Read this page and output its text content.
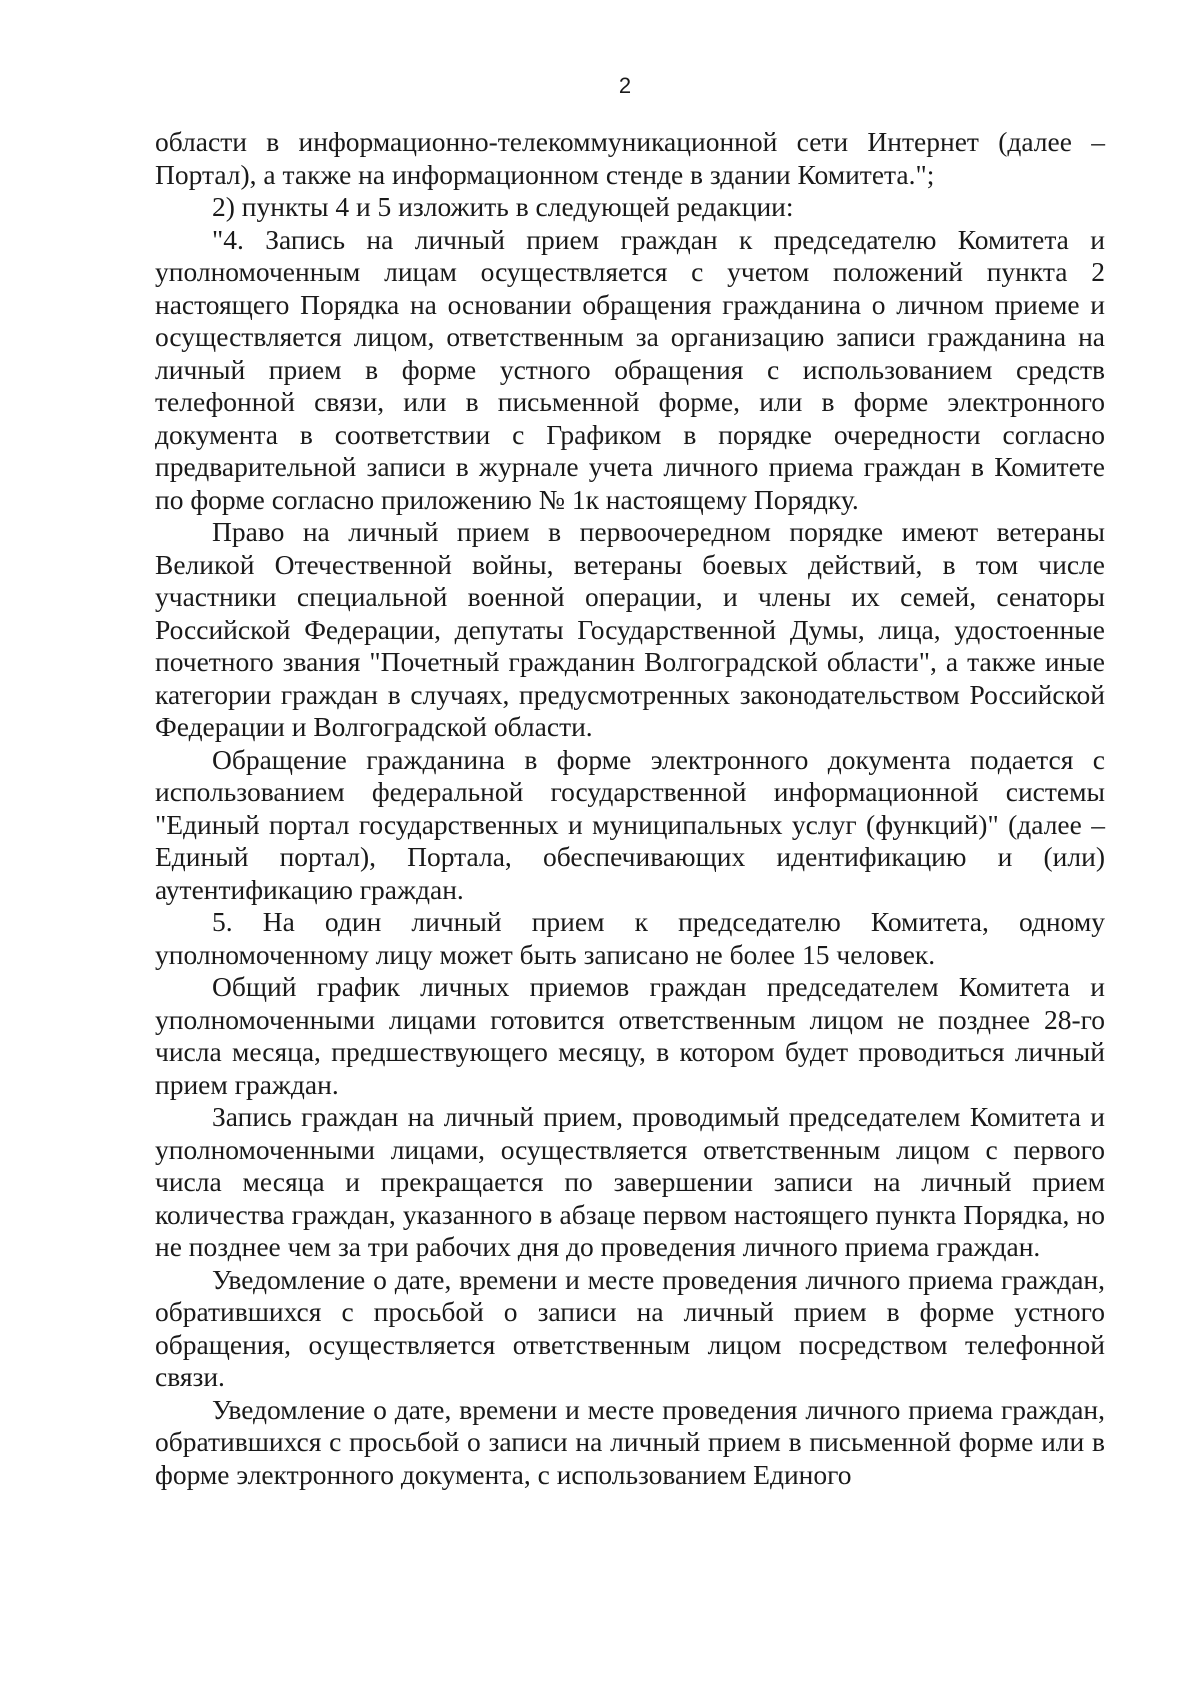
2

области в информационно-телекоммуникационной сети Интернет (далее – Портал), а также на информационном стенде в здании Комитета.";

2) пункты 4 и 5 изложить в следующей редакции:

"4. Запись на личный прием граждан к председателю Комитета и уполномоченным лицам осуществляется с учетом положений пункта 2 настоящего Порядка на основании обращения гражданина о личном приеме и осуществляется лицом, ответственным за организацию записи гражданина на личный прием в форме устного обращения с использованием средств телефонной связи, или в письменной форме, или в форме электронного документа в соответствии с Графиком в порядке очередности согласно предварительной записи в журнале учета личного приема граждан в Комитете по форме согласно приложению № 1к настоящему Порядку.

Право на личный прием в первоочередном порядке имеют ветераны Великой Отечественной войны, ветераны боевых действий, в том числе участники специальной военной операции, и члены их семей, сенаторы Российской Федерации, депутаты Государственной Думы, лица, удостоенные почетного звания "Почетный гражданин Волгоградской области", а также иные категории граждан в случаях, предусмотренных законодательством Российской Федерации и Волгоградской области.

Обращение гражданина в форме электронного документа подается с использованием федеральной государственной информационной системы "Единый портал государственных и муниципальных услуг (функций)" (далее – Единый портал), Портала, обеспечивающих идентификацию и (или) аутентификацию граждан.

5. На один личный прием к председателю Комитета, одному уполномоченному лицу может быть записано не более 15 человек.

Общий график личных приемов граждан председателем Комитета и уполномоченными лицами готовится ответственным лицом не позднее 28-го числа месяца, предшествующего месяцу, в котором будет проводиться личный прием граждан.

Запись граждан на личный прием, проводимый председателем Комитета и уполномоченными лицами, осуществляется ответственным лицом с первого числа месяца и прекращается по завершении записи на личный прием количества граждан, указанного в абзаце первом настоящего пункта Порядка, но не позднее чем за три рабочих дня до проведения личного приема граждан.

Уведомление о дате, времени и месте проведения личного приема граждан, обратившихся с просьбой о записи на личный прием в форме устного обращения, осуществляется ответственным лицом посредством телефонной связи.

Уведомление о дате, времени и месте проведения личного приема граждан, обратившихся с просьбой о записи на личный прием в письменной форме или в форме электронного документа, с использованием Единого
